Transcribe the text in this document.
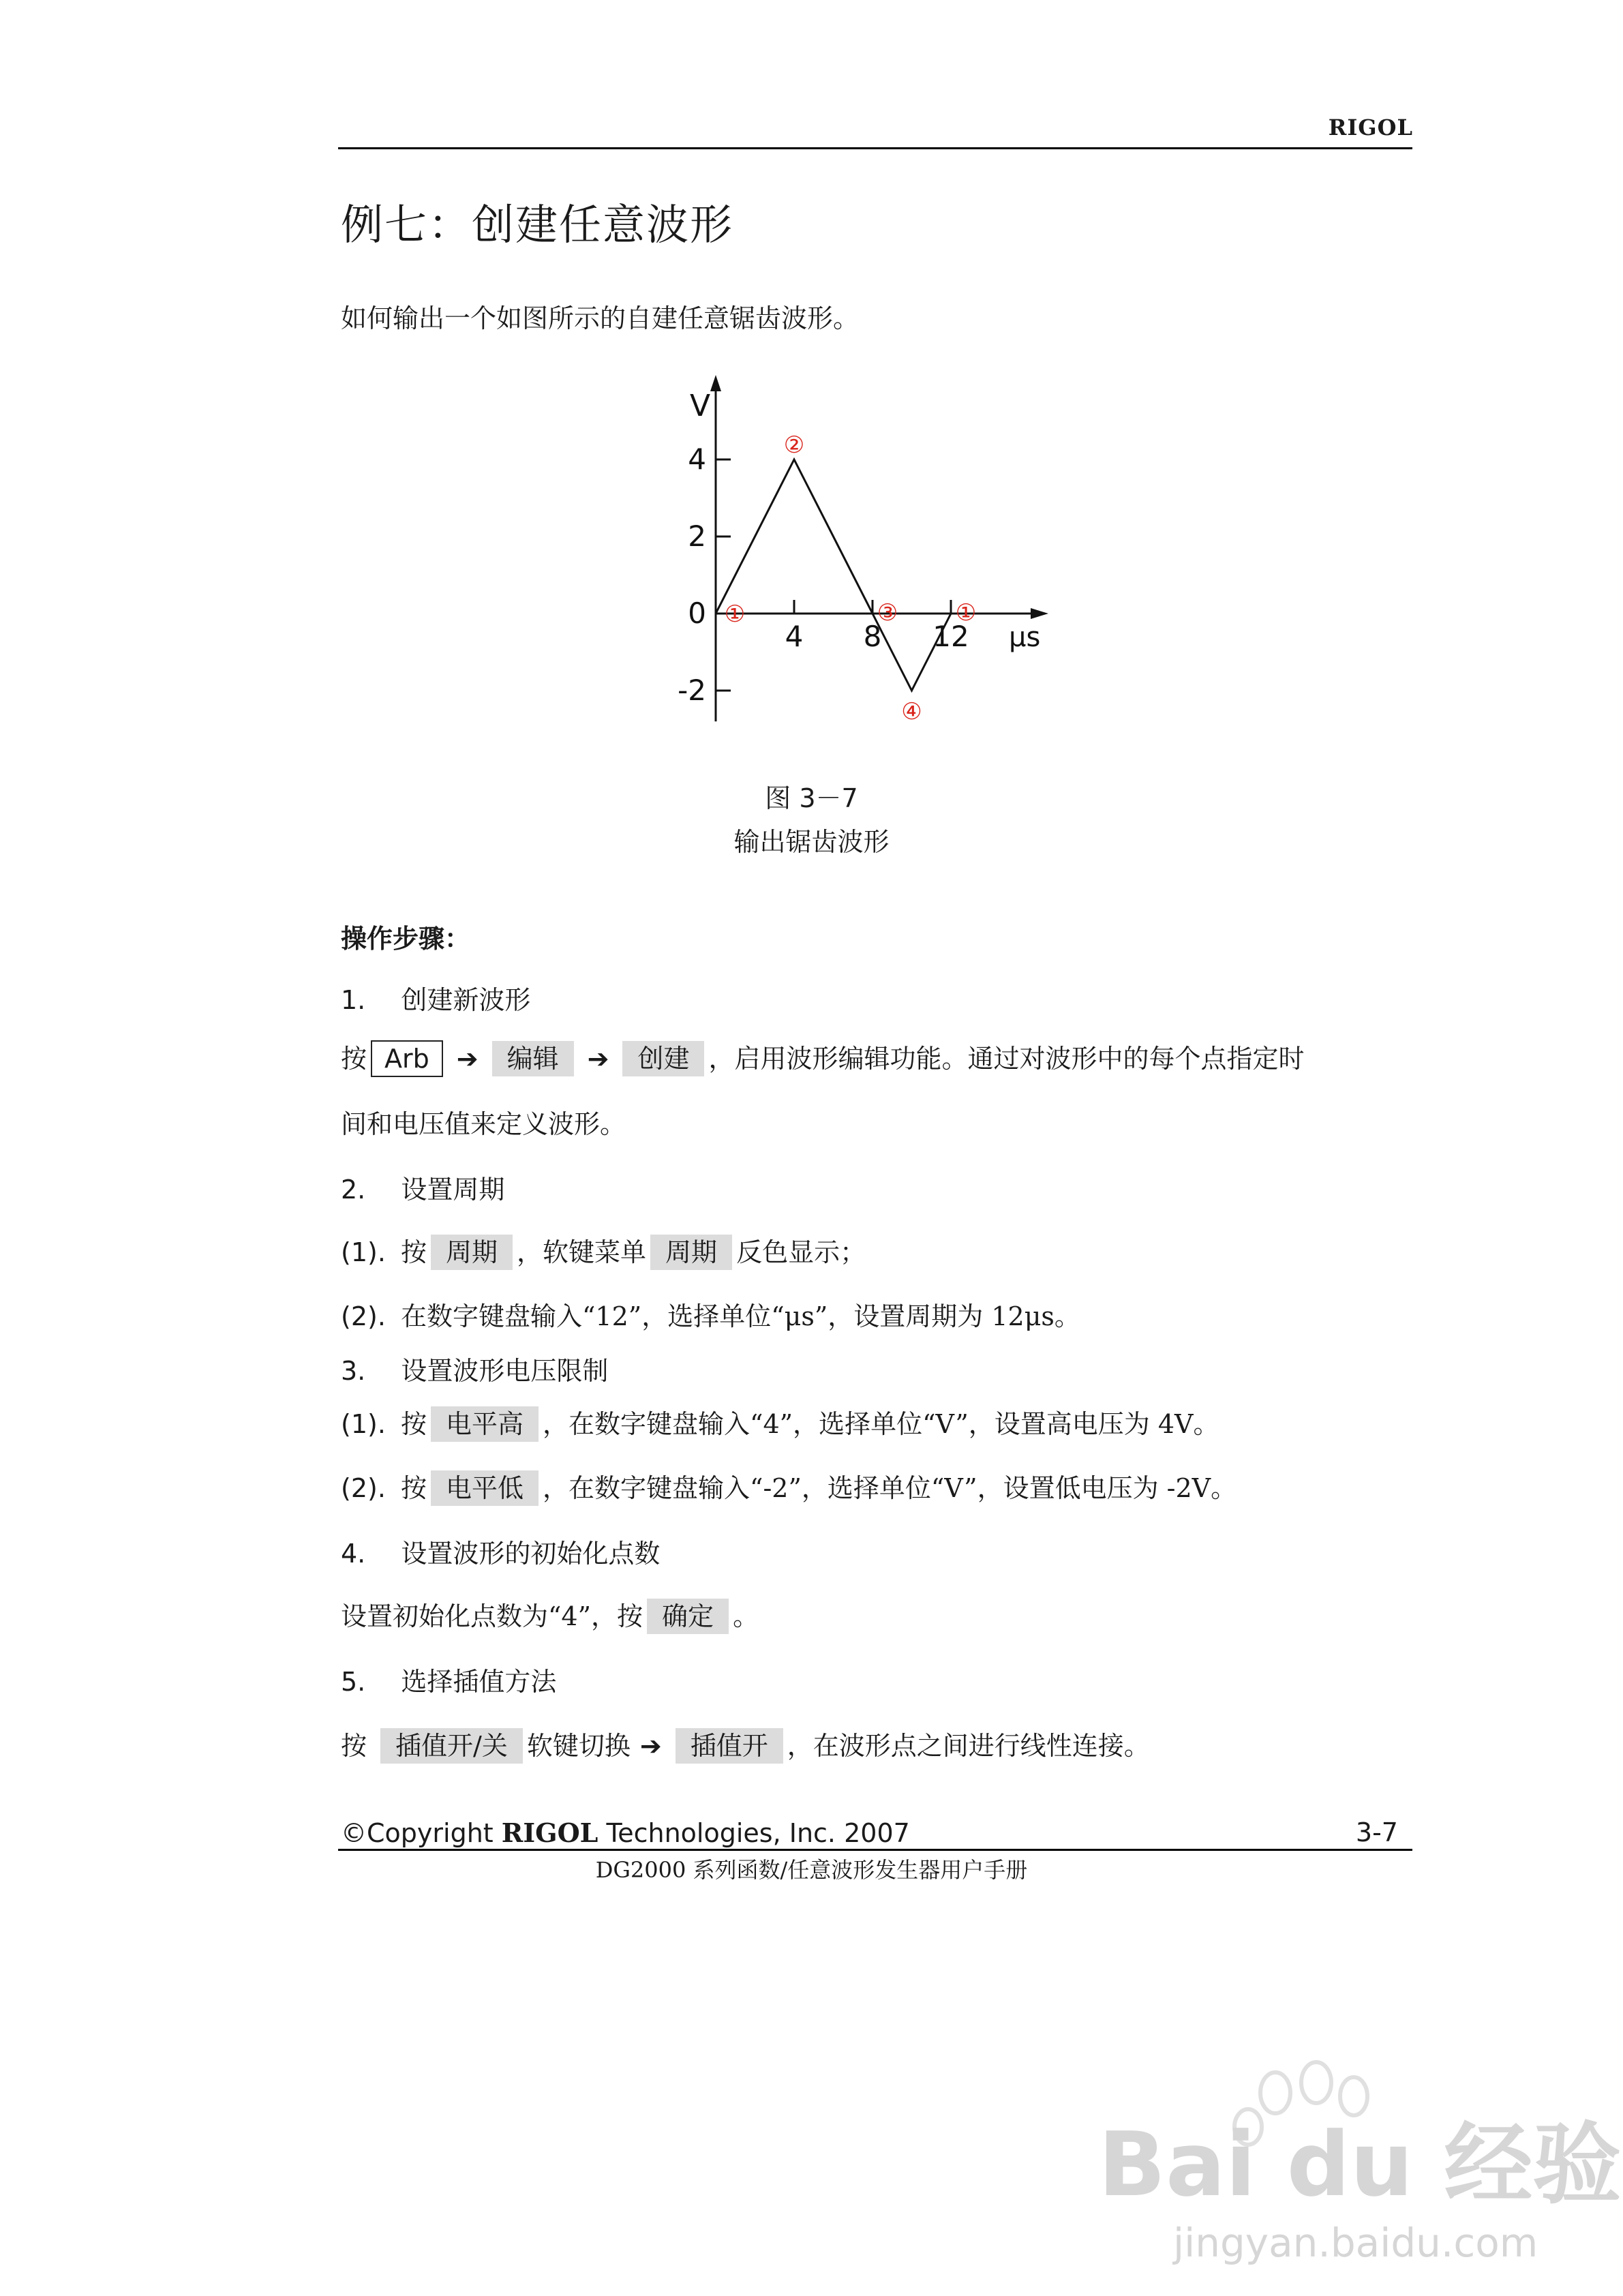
RIGOL
例七：创建任意波形
如何输出一个如图所示的自建任意锯齿波形。
4 8 12
4
2
0
-2
①
②
③
④
①
V
μs
图 3－7
输出锯齿波形
操作步骤：
1. 创建新波形
按 Arb ➔ 编辑 ➔ 创建 ，启用波形编辑功能。通过对波形中的每个点指定时
间和电压值来定义波形。
2. 设置周期
(1). 按 周期 ，软键菜单 周期 反色显示；
(2). 在数字键盘输入“12”，选择单位“μs”，设置周期为 12μs。
3. 设置波形电压限制
(1). 按 电平高 ，在数字键盘输入“4”，选择单位“V”，设置高电压为 4V。
(2). 按 电平低 ，在数字键盘输入“-2”，选择单位“V”，设置低电压为 -2V。
4. 设置波形的初始化点数
设置初始化点数为“4”，按 确定 。
5. 选择插值方法
按 插值开/关 软键切换 ➔ 插值开 ，在波形点之间进行线性连接。
©Copyright RIGOL Technologies, Inc. 2007	3-7
DG2000 系列函数/任意波形发生器用户手册
Bai du 经验
jingyan.baidu.com
